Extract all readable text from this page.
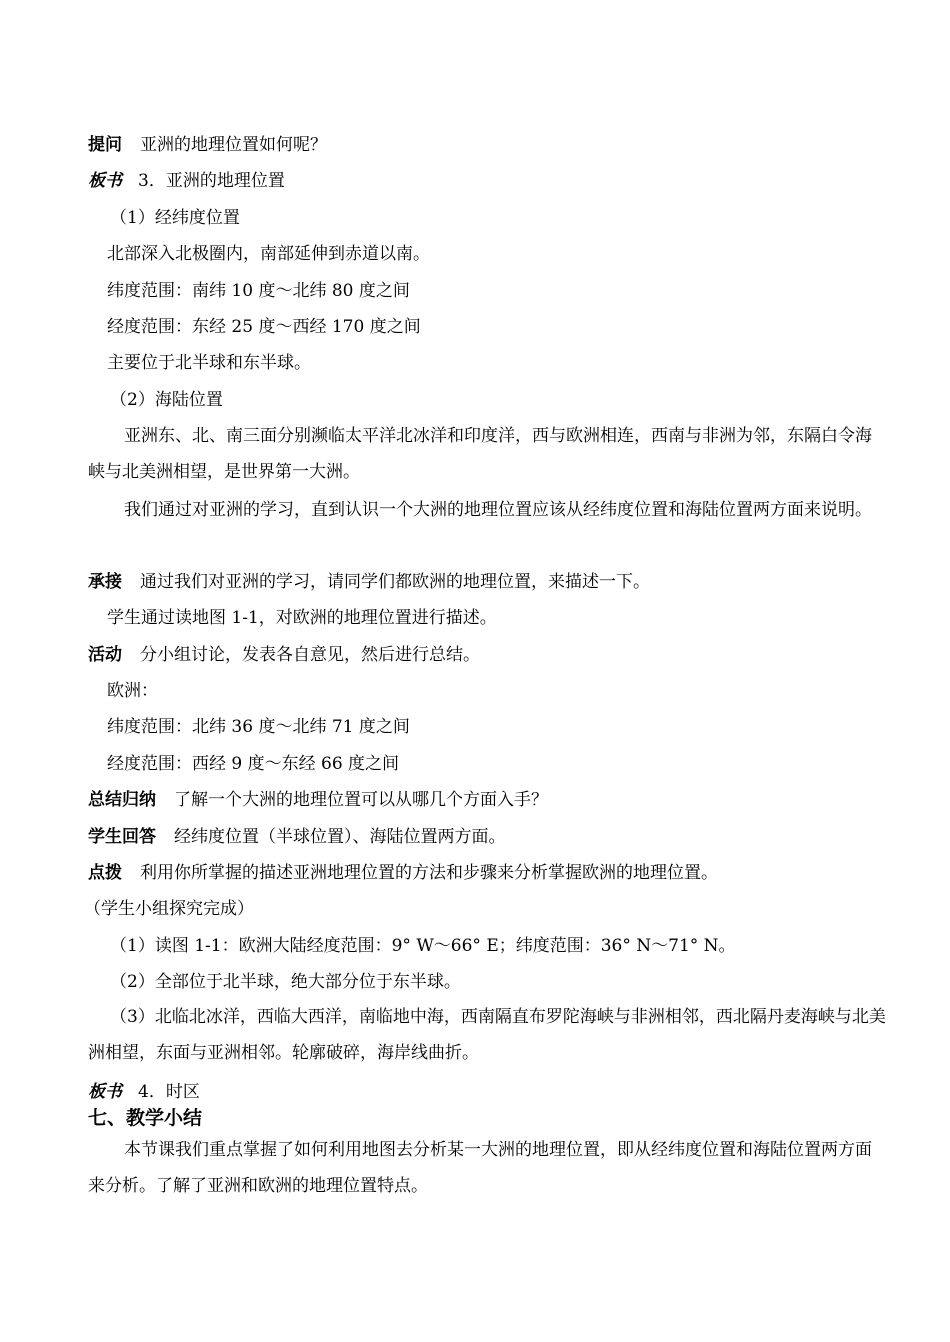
提问 亚洲的地理位置如何呢？
板书 3．亚洲的地理位置
（1）经纬度位置
北部深入北极圈内，南部延伸到赤道以南。
纬度范围：南纬 10 度～北纬 80 度之间
经度范围：东经 25 度～西经 170 度之间
主要位于北半球和东半球。
（2）海陆位置
亚洲东、北、南三面分别濒临太平洋北冰洋和印度洋，西与欧洲相连，西南与非洲为邻，东隔白令海峡与北美洲相望，是世界第一大洲。
我们通过对亚洲的学习，直到认识一个大洲的地理位置应该从经纬度位置和海陆位置两方面来说明。
承接 通过我们对亚洲的学习，请同学们都欧洲的地理位置，来描述一下。
学生通过读地图 1-1，对欧洲的地理位置进行描述。
活动 分小组讨论，发表各自意见，然后进行总结。
欧洲：
纬度范围：北纬 36 度～北纬 71 度之间
经度范围：西经 9 度～东经 66 度之间
总结归纳 了解一个大洲的地理位置可以从哪几个方面入手？
学生回答 经纬度位置（半球位置）、海陆位置两方面。
点拨 利用你所掌握的描述亚洲地理位置的方法和步骤来分析掌握欧洲的地理位置。
（学生小组探究完成）
（1）读图 1-1：欧洲大陆经度范围：9° W～66° E；纬度范围：36° N～71° N。
（2）全部位于北半球，绝大部分位于东半球。
（3）北临北冰洋，西临大西洋，南临地中海，西南隔直布罗陀海峡与非洲相邻，西北隔丹麦海峡与北美洲相望，东面与亚洲相邻。轮廓破碎，海岸线曲折。
板书 4．时区
七、教学小结
本节课我们重点掌握了如何利用地图去分析某一大洲的地理位置，即从经纬度位置和海陆位置两方面来分析。了解了亚洲和欧洲的地理位置特点。
